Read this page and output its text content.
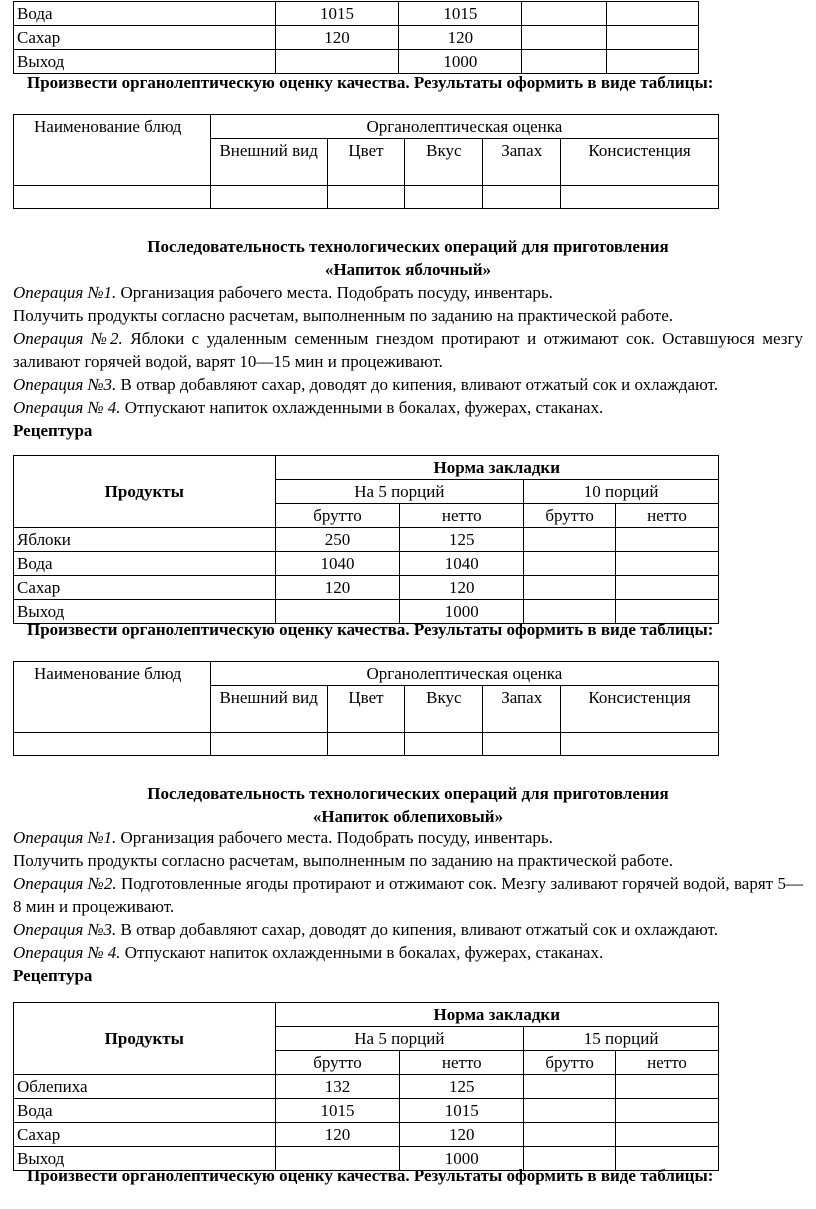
Вода	1015	1015		
Сахар	120	120		
Выход		1000		
Произвести органолептическую оценку качества. Результаты оформить в виде таблицы:
Наименование блюд	Органолептическая оценка				
	Внешний вид	Цвет	Вкус	Запах	Консистенция

Последовательность технологических операций для приготовления
«Напиток яблочный»
Операция №1. Организация рабочего места. Подобрать посуду, инвентарь.
Получить продукты согласно расчетам, выполненным по заданию на практической работе.
Операция №2. Яблоки с удаленным семенным гнездом протирают и отжимают сок. Оставшуюся мезгу заливают горячей водой, варят 10—15 мин и процеживают.
Операция №3. В отвар добавляют сахар, доводят до кипения, вливают отжатый сок и охлаждают.
Операция № 4. Отпускают напиток охлажденными в бокалах, фужерах, стаканах.
Рецептура
Продукты	Норма закладки			
	На 5 порций		10 порций	
	брутто	нетто	брутто	нетто
Яблоки	250	125		
Вода	1040	1040		
Сахар	120	120		
Выход		1000		
Произвести органолептическую оценку качества. Результаты оформить в виде таблицы:
Наименование блюд	Органолептическая оценка				
	Внешний вид	Цвет	Вкус	Запах	Консистенция

Последовательность технологических операций для приготовления
«Напиток облепиховый»
Операция №1. Организация рабочего места. Подобрать посуду, инвентарь.
Получить продукты согласно расчетам, выполненным по заданию на практической работе.
Операция №2. Подготовленные ягоды протирают и отжимают сок. Мезгу заливают горячей водой, варят 5—8 мин и процеживают.
Операция №3. В отвар добавляют сахар, доводят до кипения, вливают отжатый сок и охлаждают.
Операция № 4. Отпускают напиток охлажденными в бокалах, фужерах, стаканах.
Рецептура
Продукты	Норма закладки			
	На 5 порций		15 порций	
	брутто	нетто	брутто	нетто
Облепиха	132	125		
Вода	1015	1015		
Сахар	120	120		
Выход		1000		
Произвести органолептическую оценку качества. Результаты оформить в виде таблицы:
